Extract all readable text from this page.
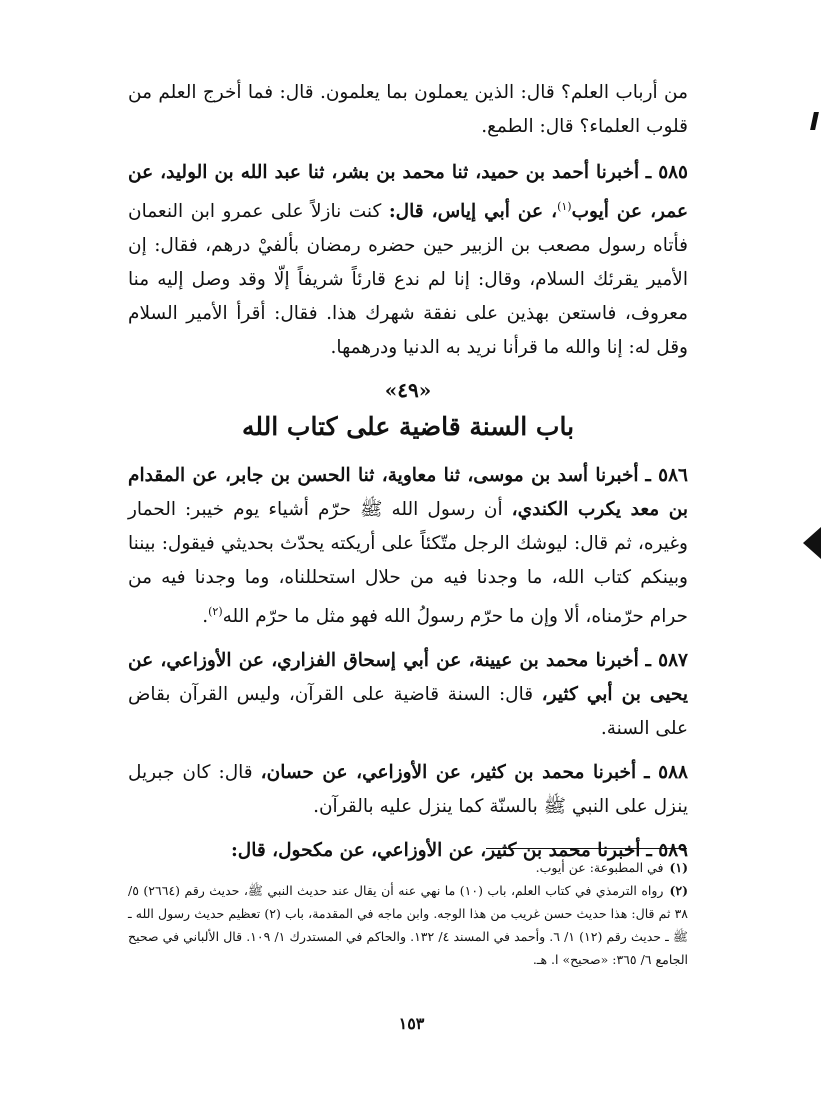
من أرباب العلم؟ قال: الذين يعملون بما يعلمون. قال: فما أخرج العلم من قلوب العلماء؟ قال: الطمع.

٥٨٥ ـ أخبرنا أحمد بن حميد، ثنا محمد بن بشر، ثنا عبد الله بن الوليد، عن عمر، عن أيوب$^{(١)}$، عن أبي إياس، قال: كنت نازلاً على عمرو ابن النعمان فأتاه رسول مصعب بن الزبير حين حضره رمضان بألفيْ درهم، فقال: إن الأمير يقرئك السلام، وقال: إنا لم ندع قارئاً شريفاً إلّا وقد وصل إليه منا معروف، فاستعن بهذين على نفقة شهرك هذا. فقال: أقرأ الأمير السلام وقل له: إنا والله ما قرأنا نريد به الدنيا ودرهمها.

«٤٩»
باب السنة قاضية على كتاب الله

٥٨٦ ـ أخبرنا أسد بن موسى، ثنا معاوية، ثنا الحسن بن جابر، عن المقدام بن معد يكرب الكندي، أن رسول الله ﷺ حرّم أشياء يوم خيبر: الحمار وغيره، ثم قال: ليوشك الرجل متّكئاً على أريكته يحدّث بحديثي فيقول: بيننا وبينكم كتاب الله، ما وجدنا فيه من حلال استحللناه، وما وجدنا فيه من حرام حرّمناه، ألا وإن ما حرّم رسولُ الله فهو مثل ما حرّم الله$^{(٢)}$.

٥٨٧ ـ أخبرنا محمد بن عيينة، عن أبي إسحاق الفزاري، عن الأوزاعي، عن يحيى بن أبي كثير، قال: السنة قاضية على القرآن، وليس القرآن بقاض على السنة.

٥٨٨ ـ أخبرنا محمد بن كثير، عن الأوزاعي، عن حسان، قال: كان جبريل ينزل على النبي ﷺ بالسنّة كما ينزل عليه بالقرآن.

٥٨٩ ـ أخبرنا محمد بن كثير، عن الأوزاعي، عن مكحول، قال:

(١)في المطبوعة: عن أيوب.

(٢)رواه الترمذي في كتاب العلم، باب (١٠) ما نهي عنه أن يقال عند حديث النبي ﷺ، حديث رقم (٢٦٦٤) ٥/ ٣٨ ثم قال: هذا حديث حسن غريب من هذا الوجه. وابن ماجه في المقدمة، باب (٢) تعظيم حديث رسول الله ـ ﷺ ـ حديث رقم (١٢) ١/ ٦. وأحمد في المسند ٤/ ١٣٢. والحاكم في المستدرك ١/ ١٠٩. قال الألباني في صحيح الجامع ٦/ ٣٦٥: «صحيح» ا. هـ.

١٥٣
